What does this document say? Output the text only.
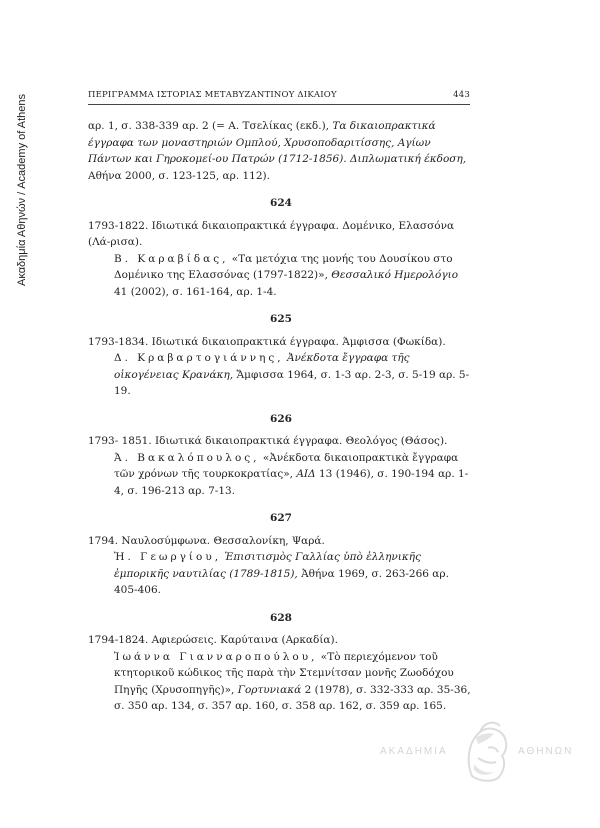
Ακαδημία Αθηνών / Academy of Athens	ΠΕΡΙΓΡΑΜΜΑ ΙΣΤΟΡΙΑΣ ΜΕΤΑΒΥΖΑΝΤΙΝΟΥ ΔΙΚΑΙΟΥ	443

αρ. 1, σ. 338-339 αρ. 2 (= Α. Τσελίκας (εκδ.), Τα δικαιοπρακτικά έγγραφα των μοναστηριών Ομπλού, Χρυσοποδαριτίσσης, Αγίων Πάντων και Γηροκομεί-ου Πατρών (1712-1856). Διπλωματική έκδοση, Αθήνα 2000, σ. 123-125, αρ. 112).

624

1793-1822. Ιδιωτικά δικαιοπρακτικά έγγραφα. Δομένικο, Ελασσόνα (Λά-ρισα).

Β. Καραβίδας, «Τα μετόχια της μονής του Δουσίκου στο Δομένικο της Ελασσόνας (1797-1822)», Θεσσαλικό Ημερολόγιο 41 (2002), σ. 161-164, αρ. 1-4.

625

1793-1834. Ιδιωτικά δικαιοπρακτικά έγγραφα. Άμφισσα (Φωκίδα).

Δ. Κραβαρτογιάννης, Ἀνέκδοτα ἔγγραφα τῆς οἰκογένειας Κρανάκη, Ἄμφισσα 1964, σ. 1-3 αρ. 2-3, σ. 5-19 αρ. 5-19.

626

1793- 1851. Ιδιωτικά δικαιοπρακτικά έγγραφα. Θεολόγος (Θάσος).

Ἀ. Βακαλόπουλος, «Ἀνέκδοτα δικαιοπρακτικὰ ἔγγραφα τῶν χρόνων τῆς τουρκοκρατίας», ΑΙΔ 13 (1946), σ. 190-194 αρ. 1-4, σ. 196-213 αρ. 7-13.

627

1794. Ναυλοσύμφωνα. Θεσσαλονίκη, Ψαρά.

Ἠ. Γεωργίου, Ἐπισιτισμὸς Γαλλίας ὑπὸ ἑλληνικῆς ἐμπορικῆς ναυτιλίας (1789-1815), Ἀθήνα 1969, σ. 263-266 αρ. 405-406.

628

1794-1824. Αφιερώσεις. Καρύταινα (Αρκαδία).

Ἰωάννα Γιανναροπούλου, «Τὸ περιεχόμενον τοῦ κτητορικοῦ κώδικος τῆς παρὰ τὴν Στεμνίτσαν μονῆς Ζωοδόχου Πηγῆς (Χρυσοπηγῆς)», Γορτυνιακά 2 (1978), σ. 332-333 αρ. 35-36, σ. 350 αρ. 134, σ. 357 αρ. 160, σ. 358 αρ. 162, σ. 359 αρ. 165.

ΑΚΑΔΗΜΙΑ	ΑΘΗΝΩΝ
